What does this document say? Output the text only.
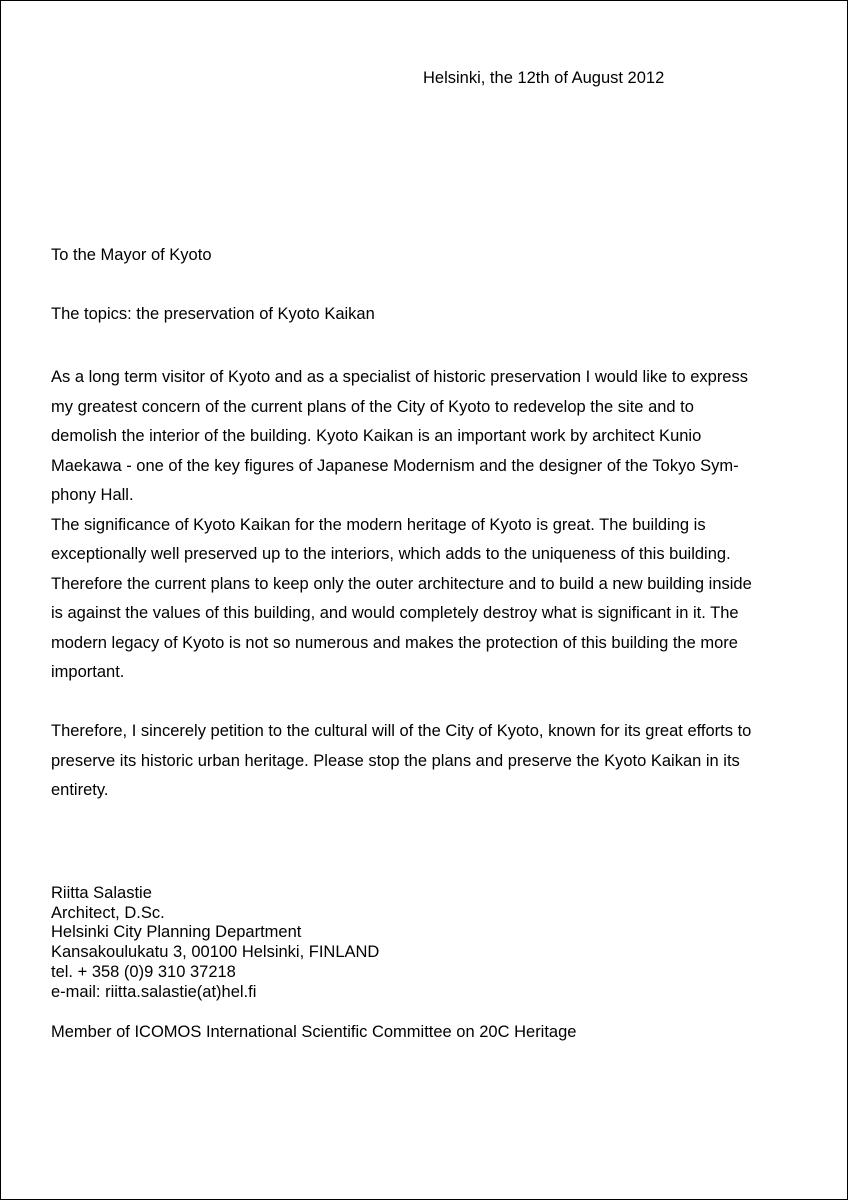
Helsinki, the 12th of August 2012
To the Mayor of Kyoto
The topics: the preservation of Kyoto Kaikan
As a long term visitor of Kyoto and as a specialist of historic preservation I would like to express
my greatest concern of the current plans of the City of Kyoto to redevelop the site and to
demolish the interior of the building. Kyoto Kaikan is an important work by architect Kunio
Maekawa - one of the key figures of Japanese Modernism and the designer of the Tokyo Sym-
phony Hall.
The significance of Kyoto Kaikan for the modern heritage of Kyoto is great. The building is
exceptionally well preserved up to the interiors, which adds to the uniqueness of this building.
Therefore the current plans to keep only the outer architecture and to build a new building inside
is against the values of this building, and would completely destroy what is significant in it. The
modern legacy of Kyoto is not so numerous and makes the protection of this building the more
important.
Therefore, I sincerely petition to the cultural will of the City of Kyoto, known for its great efforts to
preserve its historic urban heritage. Please stop the plans and preserve the Kyoto Kaikan in its
entirety.
Riitta Salastie
Architect, D.Sc.
Helsinki City Planning Department
Kansakoulukatu 3, 00100 Helsinki, FINLAND
tel. + 358 (0)9 310 37218
e-mail: riitta.salastie(at)hel.fi
Member of ICOMOS International Scientific Committee on 20C Heritage
